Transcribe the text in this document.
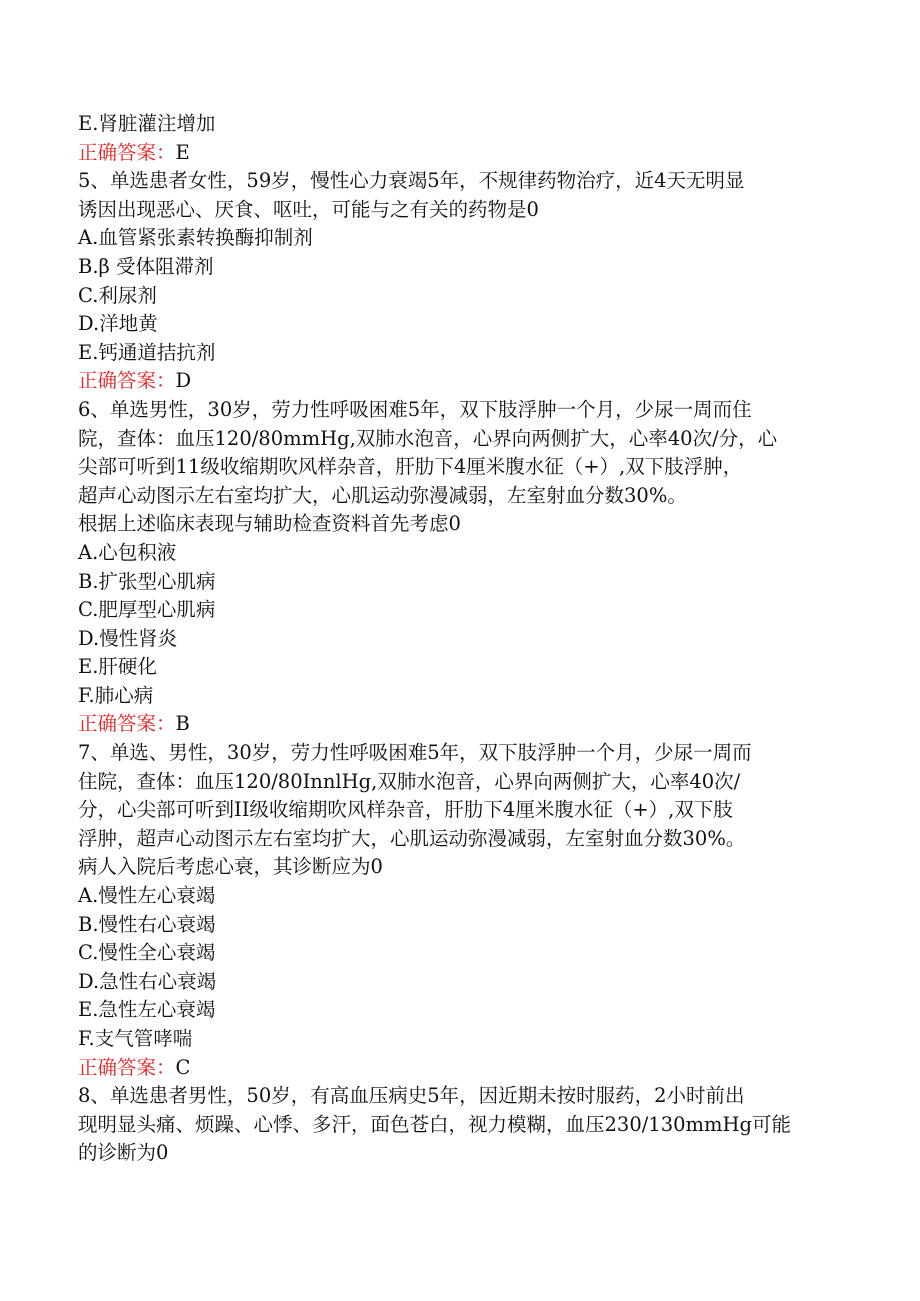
E.肾脏灌注增加

正确答案：E

5、单选患者女性，59岁，慢性心力衰竭5年，不规律药物治疗，近4天无明显

诱因出现恶心、厌食、呕吐，可能与之有关的药物是0

A.血管紧张素转换酶抑制剂

B.β 受体阻滞剂

C.利尿剂

D.洋地黄

E.钙通道拮抗剂

正确答案：D

6、单选男性，30岁，劳力性呼吸困难5年，双下肢浮肿一个月，少尿一周而住

院，查体：血压120/80mmHg,双肺水泡音，心界向两侧扩大，心率40次/分，心

尖部可听到11级收缩期吹风样杂音，肝肋下4厘米腹水征（+）,双下肢浮肿，

超声心动图示左右室均扩大，心肌运动弥漫减弱，左室射血分数30%。

根据上述临床表现与辅助检查资料首先考虑0

A.心包积液

B.扩张型心肌病

C.肥厚型心肌病

D.慢性肾炎

E.肝硬化

F.肺心病

正确答案：B

7、单选、男性，30岁，劳力性呼吸困难5年，双下肢浮肿一个月，少尿一周而

住院，查体：血压120/80InnlHg,双肺水泡音，心界向两侧扩大，心率40次/

分，心尖部可听到II级收缩期吹风样杂音，肝肋下4厘米腹水征（+）,双下肢

浮肿，超声心动图示左右室均扩大，心肌运动弥漫减弱，左室射血分数30%。

病人入院后考虑心衰，其诊断应为0

A.慢性左心衰竭

B.慢性右心衰竭

C.慢性全心衰竭

D.急性右心衰竭

E.急性左心衰竭

F.支气管哮喘

正确答案：C

8、单选患者男性，50岁，有高血压病史5年，因近期未按时服药，2小时前出

现明显头痛、烦躁、心悸、多汗，面色苍白，视力模糊，血压230/130mmHg可能

的诊断为0
